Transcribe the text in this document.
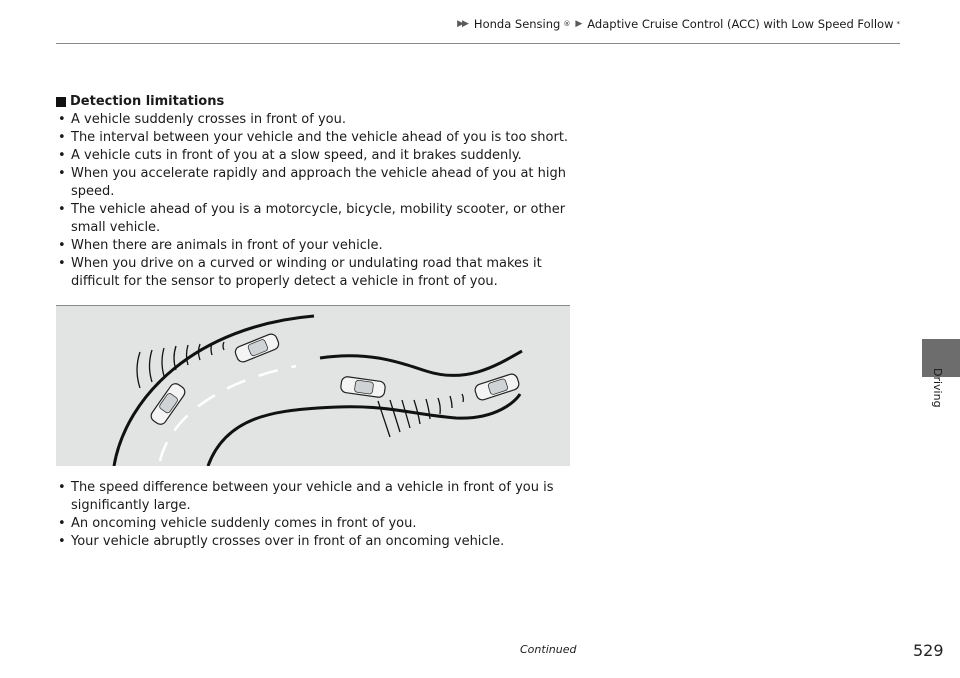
▶▶ Honda Sensing ® ▶ Adaptive Cruise Control (ACC) with Low Speed Follow *
Detection limitations
• A vehicle suddenly crosses in front of you.
• The interval between your vehicle and the vehicle ahead of you is too short.
• A vehicle cuts in front of you at a slow speed, and it brakes suddenly.
• When you accelerate rapidly and approach the vehicle ahead of you at high speed.
• The vehicle ahead of you is a motorcycle, bicycle, mobility scooter, or other small vehicle.
• When there are animals in front of your vehicle.
• When you drive on a curved or winding or undulating road that makes it difficult for the sensor to properly detect a vehicle in front of you.
• The speed difference between your vehicle and a vehicle in front of you is significantly large.
• An oncoming vehicle suddenly comes in front of you.
• Your vehicle abruptly crosses over in front of an oncoming vehicle.
Driving
Continued	529
